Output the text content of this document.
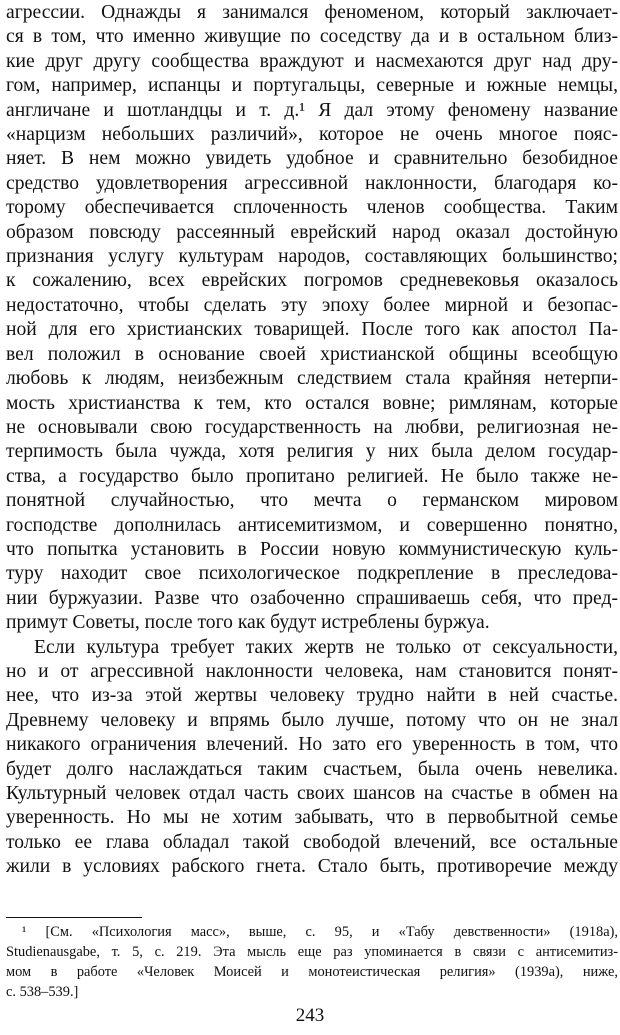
агрессии. Однажды я занимался феноменом, который заключает-
ся в том, что именно живущие по соседству да и в остальном близ-
кие друг другу сообщества враждуют и насмехаются друг над дру-
гом, например, испанцы и португальцы, северные и южные немцы,
англичане и шотландцы и т. д.¹ Я дал этому феномену название
«нарцизм небольших различий», которое не очень многое пояс-
няет. В нем можно увидеть удобное и сравнительно безобидное
средство удовлетворения агрессивной наклонности, благодаря ко-
торому обеспечивается сплоченность членов сообщества. Таким
образом повсюду рассеянный еврейский народ оказал достойную
признания услугу культурам народов, составляющих большинство;
к сожалению, всех еврейских погромов средневековья оказалось
недостаточно, чтобы сделать эту эпоху более мирной и безопас-
ной для его христианских товарищей. После того как апостол Па-
вел положил в основание своей христианской общины всеобщую
любовь к людям, неизбежным следствием стала крайняя нетерпи-
мость христианства к тем, кто остался вовне; римлянам, которые
не основывали свою государственность на любви, религиозная не-
терпимость была чужда, хотя религия у них была делом государ-
ства, а государство было пропитано религией. Не было также не-
понятной случайностью, что мечта о германском мировом
господстве дополнилась антисемитизмом, и совершенно понятно,
что попытка установить в России новую коммунистическую куль-
туру находит свое психологическое подкрепление в преследова-
нии буржуазии. Разве что озабоченно спрашиваешь себя, что пред-
примут Советы, после того как будут истреблены буржуа.
Если культура требует таких жертв не только от сексуальности,
но и от агрессивной наклонности человека, нам становится понят-
нее, что из-за этой жертвы человеку трудно найти в ней счастье.
Древнему человеку и впрямь было лучше, потому что он не знал
никакого ограничения влечений. Но зато его уверенность в том, что
будет долго наслаждаться таким счастьем, была очень невелика.
Культурный человек отдал часть своих шансов на счастье в обмен на
уверенность. Но мы не хотим забывать, что в первобытной семье
только ее глава обладал такой свободой влечений, все остальные
жили в условиях рабского гнета. Стало быть, противоречие между
¹ [См. «Психология масс», выше, с. 95, и «Табу девственности» (1918a),
Studienausgabe, т. 5, с. 219. Эта мысль еще раз упоминается в связи с антисемитиз-
мом в работе «Человек Моисей и монотеистическая религия» (1939a), ниже,
с. 538–539.]
243
